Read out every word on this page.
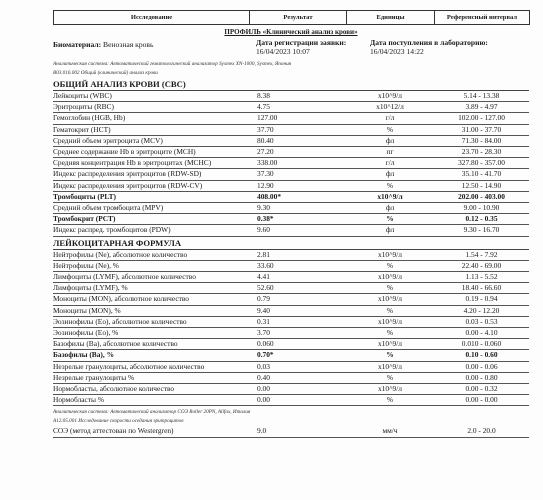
Исследование	Результат	Единицы	Референсный интервал
ПРОФИЛЬ «Клинический анализ крови»
Биоматериал: Венозная кровь	Дата регистрации заявки:
16/04/2023 10:07
Дата поступления в лабораторию:
16/04/2023 14:22
Аналитическая система: Автоматический гематологический анализатор Sysmex XN-1000, Sysmex, Япония
B03.016.002 Общий (клинический) анализ крови
ОБЩИЙ АНАЛИЗ КРОВИ (CBC)
Лейкоциты (WBC)	8.38	x10^9/л	5.14 - 13.38
Эритроциты (RBC)	4.75	x10^12/л	3.89 - 4.97
Гемоглобин (HGB, Hb)	127.00	г/л	102.00 - 127.00
Гематокрит (HCT)	37.70	%	31.00 - 37.70
Средний объем эритроцита (MCV)	80.40	фл	71.30 - 84.00
Среднее содержание Hb в эритроците (MCH)	27.20	пг	23.70 - 28.30
Средняя концентрация Hb в эритроцитах (MCHC)	338.00	г/л	327.80 - 357.00
Индекс распределения эритроцитов (RDW-SD)	37.30	фл	35.10 - 41.70
Индекс распределения эритроцитов (RDW-CV)	12.90	%	12.50 - 14.90
Тромбоциты (PLT)	408.00*	x10^9/л	202.00 - 403.00
Средний объем тромбоцита (MPV)	9.30	фл	9.00 - 10.90
Тромбокрит (PCT)	0.38*	%	0.12 - 0.35
Индекс распред. тромбоцитов (PDW)	9.60	фл	9.30 - 16.70
ЛЕЙКОЦИТАРНАЯ ФОРМУЛА
Нейтрофилы (Ne), абсолютное количество	2.81	x10^9/л	1.54 - 7.92
Нейтрофилы (Ne), %	33.60	%	22.40 - 69.00
Лимфоциты (LYMF), абсолютное количество	4.41	x10^9/л	1.13 - 5.52
Лимфоциты (LYMF), %	52.60	%	18.40 - 66.60
Моноциты (MON), абсолютное количество	0.79	x10^9/л	0.19 - 0.94
Моноциты (MON), %	9.40	%	4.20 - 12.20
Эозинофилы (Eo), абсолютное количество	0.31	x10^9/л	0.03 - 0.53
Эозинофилы (Eo), %	3.70	%	0.00 - 4.10
Базофилы (Ba), абсолютное количество	0.060	x10^9/л	0.010 - 0.060
Базофилы (Ba), %	0.70*	%	0.10 - 0.60
Незрелые гранулоциты, абсолютное количество	0.03	x10^9/л	0.00 - 0.06
Незрелые гранулоциты %	0.40	%	0.00 - 0.80
Нормобласты, абсолютное количество	0.00	x10^9/л	0.00 - 0.32
Нормобласты %	0.00	%	0.00 - 0.00
Аналитическая система: Автоматический анализатор СОЭ Roller 20PN, Alifax, Италия
A12.05.001 Исследование скорости оседания эритроцитов
СОЭ (метод аттестован по Westergren)	9.0	мм/ч	2.0 - 20.0
